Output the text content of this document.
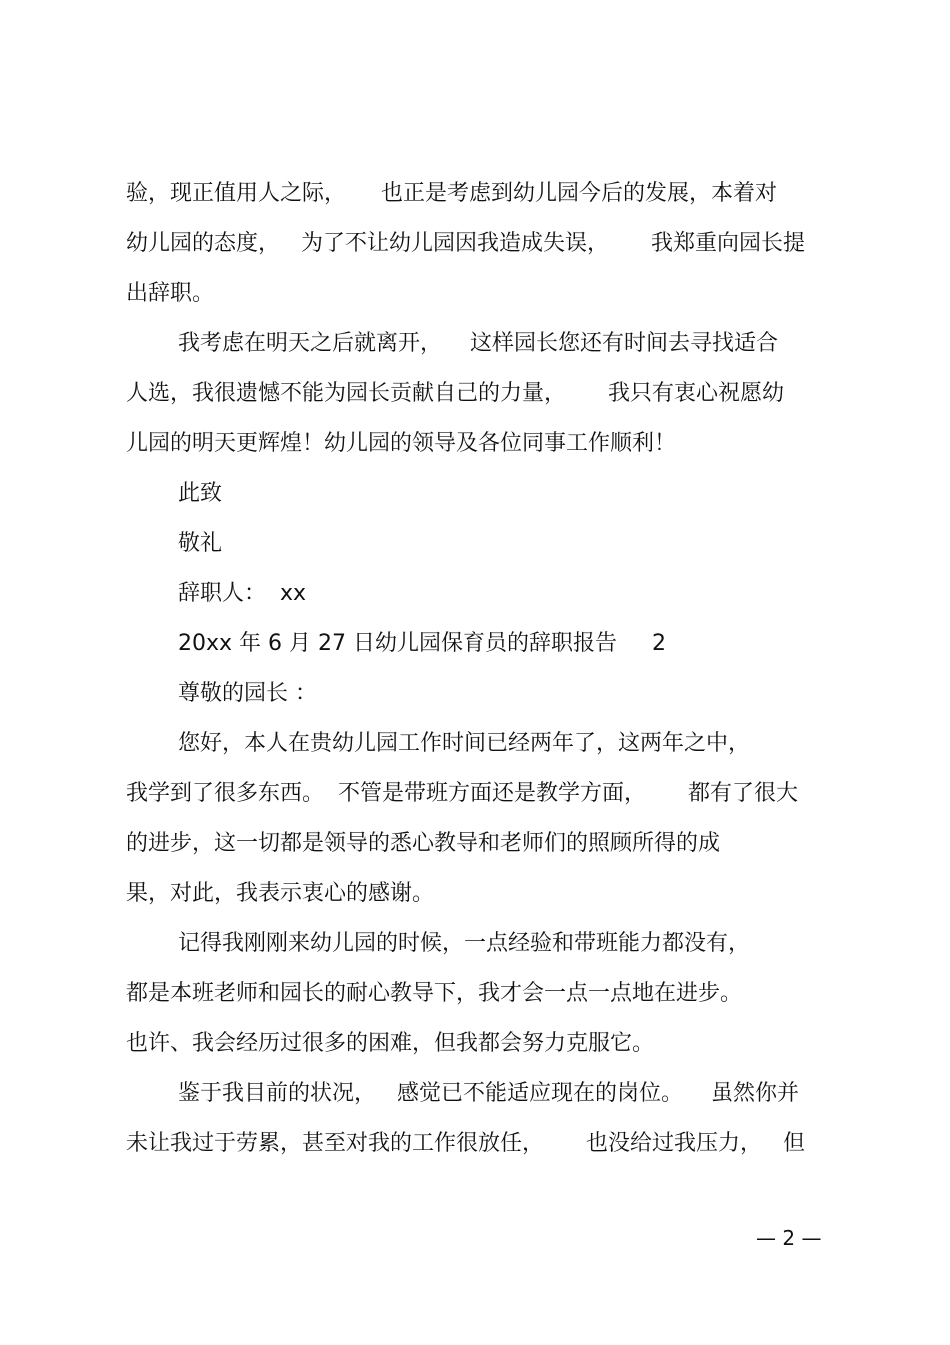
验，现正值用人之际，     也正是考虑到幼儿园今后的发展，本着对
幼儿园的态度，   为了不让幼儿园因我造成失误，      我郑重向园长提
出辞职。
我考虑在明天之后就离开，    这样园长您还有时间去寻找适合
人选，我很遗憾不能为园长贡献自己的力量，      我只有衷心祝愿幼
儿园的明天更辉煌！幼儿园的领导及各位同事工作顺利！
此致
敬礼
辞职人：  xx
20xx 年 6 月 27 日幼儿园保育员的辞职报告     2
尊敬的园长 ：
您好，本人在贵幼儿园工作时间已经两年了，这两年之中，
我学到了很多东西。  不管是带班方面还是教学方面，      都有了很大
的进步，这一切都是领导的悉心教导和老师们的照顾所得的成
果，对此，我表示衷心的感谢。
记得我刚刚来幼儿园的时候，一点经验和带班能力都没有，
都是本班老师和园长的耐心教导下，我才会一点一点地在进步。
也许、我会经历过很多的困难，但我都会努力克服它。
鉴于我目前的状况，   感觉已不能适应现在的岗位。    虽然你并
未让我过于劳累，甚至对我的工作很放任，      也没给过我压力，   但
— 2 —
